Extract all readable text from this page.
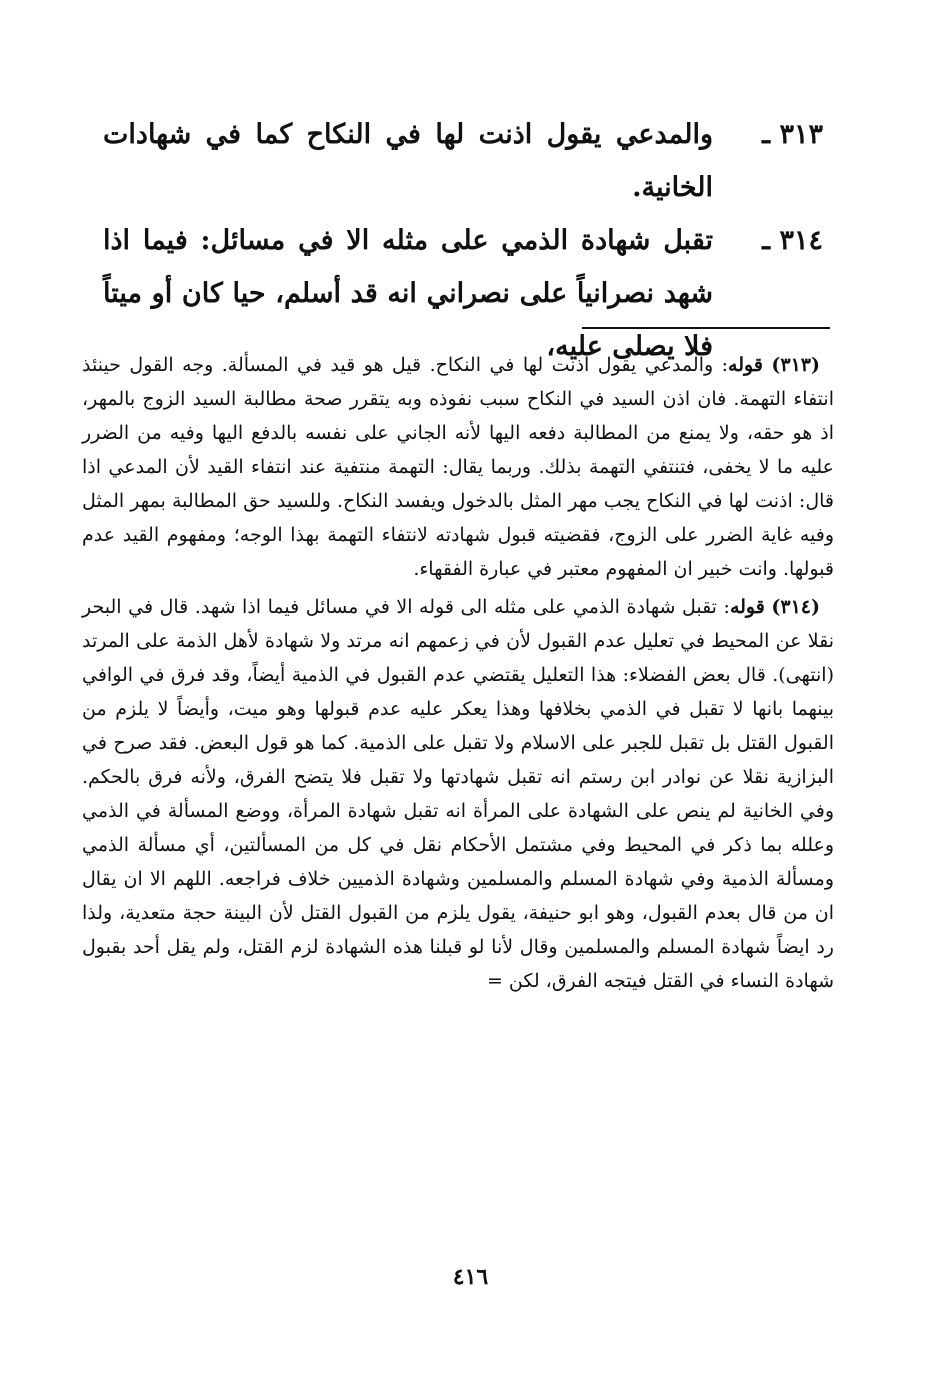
٣١٣ ـ
والمدعي يقول اذنت لها في النكاح كما في شهادات الخانية.
٣١٤ ـ
تقبل شهادة الذمي على مثله الا في مسائل: فيما اذا شهد نصرانياً على نصراني انه قد أسلم، حيا كان أو ميتاً فلا يصلى عليه،

(٣١٣) قوله: والمدعي يقول اذنت لها في النكاح. قيل هو قيد في المسألة. وجه القول حينئذ انتفاء التهمة. فان اذن السيد في النكاح سبب نفوذه وبه يتقرر صحة مطالبة السيد الزوج بالمهر، اذ هو حقه، ولا يمنع من المطالبة دفعه اليها لأنه الجاني على نفسه بالدفع اليها وفيه من الضرر عليه ما لا يخفى، فتنتفي التهمة بذلك. وربما يقال: التهمة منتفية عند انتفاء القيد لأن المدعي اذا قال: اذنت لها في النكاح يجب مهر المثل بالدخول ويفسد النكاح. وللسيد حق المطالبة بمهر المثل وفيه غاية الضرر على الزوج، فقضيته قبول شهادته لانتفاء التهمة بهذا الوجه؛ ومفهوم القيد عدم قبولها. وانت خبير ان المفهوم معتبر في عبارة الفقهاء.

(٣١٤) قوله: تقبل شهادة الذمي على مثله الى قوله الا في مسائل فيما اذا شهد. قال في البحر نقلا عن المحيط في تعليل عدم القبول لأن في زعمهم انه مرتد ولا شهادة لأهل الذمة على المرتد (انتهى). قال بعض الفضلاء: هذا التعليل يقتضي عدم القبول في الذمية أيضاً، وقد فرق في الوافي بينهما بانها لا تقبل في الذمي بخلافها وهذا يعكر عليه عدم قبولها وهو ميت، وأيضاً لا يلزم من القبول القتل بل تقبل للجبر على الاسلام ولا تقبل على الذمية. كما هو قول البعض. فقد صرح في البزازية نقلا عن نوادر ابن رستم انه تقبل شهادتها ولا تقبل فلا يتضح الفرق، ولأنه فرق بالحكم. وفي الخانية لم ينص على الشهادة على المرأة انه تقبل شهادة المرأة، ووضع المسألة في الذمي وعلله بما ذكر في المحيط وفي مشتمل الأحكام نقل في كل من المسألتين، أي مسألة الذمي ومسألة الذمية وفي شهادة المسلم والمسلمين وشهادة الذميين خلاف فراجعه. اللهم الا ان يقال ان من قال بعدم القبول، وهو ابو حنيفة، يقول يلزم من القبول القتل لأن البينة حجة متعدية، ولذا رد ايضاً شهادة المسلم والمسلمين وقال لأنا لو قبلنا هذه الشهادة لزم القتل، ولم يقل أحد بقبول شهادة النساء في القتل فيتجه الفرق، لكن =

٤١٦
